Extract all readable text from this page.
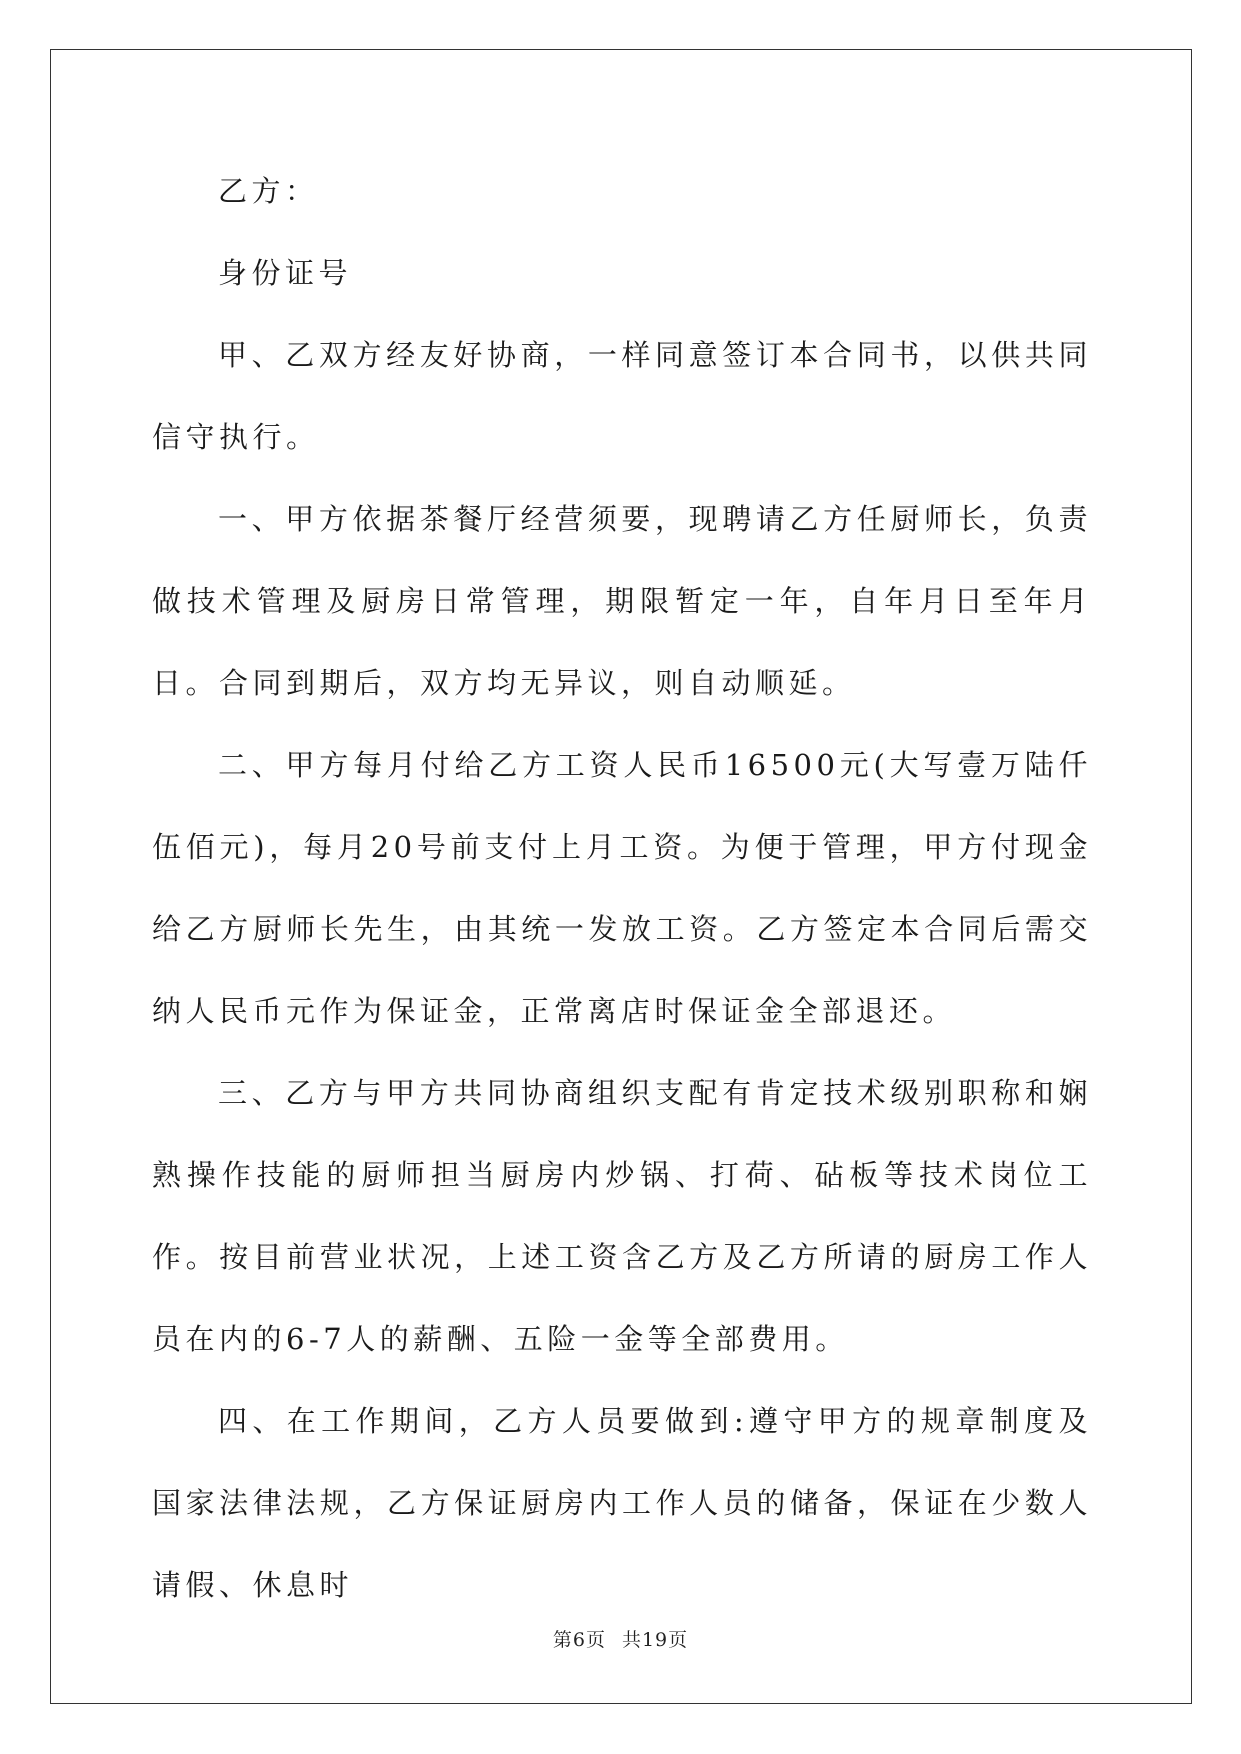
乙方：

身份证号

甲、乙双方经友好协商，一样同意签订本合同书，以供共同信守执行。

一、甲方依据茶餐厅经营须要，现聘请乙方任厨师长，负责做技术管理及厨房日常管理，期限暂定一年，自年月日至年月日。合同到期后，双方均无异议，则自动顺延。

二、甲方每月付给乙方工资人民币16500元(大写壹万陆仟伍佰元)，每月20号前支付上月工资。为便于管理，甲方付现金给乙方厨师长先生，由其统一发放工资。乙方签定本合同后需交纳人民币元作为保证金，正常离店时保证金全部退还。

三、乙方与甲方共同协商组织支配有肯定技术级别职称和娴熟操作技能的厨师担当厨房内炒锅、打荷、砧板等技术岗位工作。按目前营业状况，上述工资含乙方及乙方所请的厨房工作人员在内的6-7人的薪酬、五险一金等全部费用。

四、在工作期间，乙方人员要做到:遵守甲方的规章制度及国家法律法规，乙方保证厨房内工作人员的储备，保证在少数人请假、休息时

第6页 共19页
